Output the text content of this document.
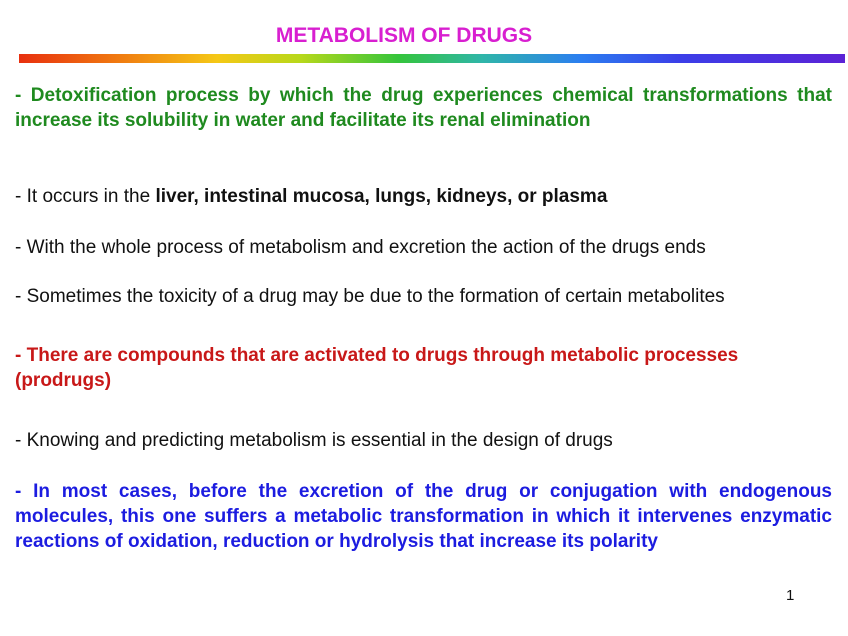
METABOLISM OF DRUGS

- Detoxification process by which the drug experiences chemical transformations that increase its solubility in water and facilitate its renal elimination

- It occurs in the liver, intestinal mucosa, lungs, kidneys, or plasma

- With the whole process of metabolism and excretion the action of the drugs ends

- Sometimes the toxicity of a drug may be due to the formation of certain metabolites

- There are compounds that are activated to drugs through metabolic processes (prodrugs)

- Knowing and predicting metabolism is essential in the design of drugs

- In most cases, before the excretion of the drug or conjugation with endogenous molecules, this one suffers a metabolic transformation in which it intervenes enzymatic reactions of oxidation, reduction or hydrolysis that increase its polarity

1
